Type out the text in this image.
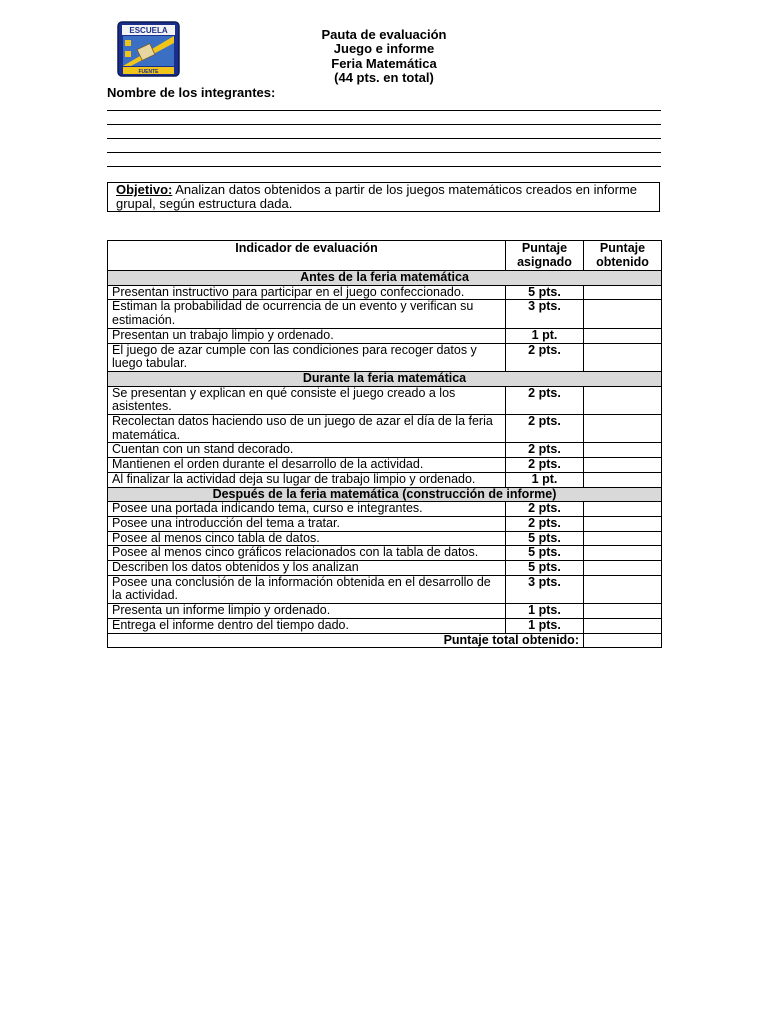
ESCUELA
FUENTE
Pauta de evaluación
Juego e informe
Feria Matemática
(44 pts. en total)
Nombre de los integrantes:
Objetivo: Analizan datos obtenidos a partir de los juegos matemáticos creados en informe grupal, según estructura dada.
Indicador de evaluación	Puntaje asignado	Puntaje obtenido
Antes de la feria matemática		
Presentan instructivo para participar en el juego confeccionado.	5 pts.	
Estiman la probabilidad de ocurrencia de un evento y verifican su estimación.	3 pts.	
Presentan un trabajo limpio y ordenado.	1 pt.	
El juego de azar cumple con las condiciones para recoger datos y luego tabular.	2 pts.	
Durante la feria matemática		
Se presentan y explican en qué consiste el juego creado a los asistentes.	2 pts.	
Recolectan datos haciendo uso de un juego de azar el día de la feria matemática.	2 pts.	
Cuentan con un stand decorado.	2 pts.	
Mantienen el orden durante el desarrollo de la actividad.	2 pts.	
Al finalizar la actividad deja su lugar de trabajo limpio y ordenado.	1 pt.	
Después de la feria matemática (construcción de informe)		
Posee una portada indicando tema, curso e integrantes.	2 pts.	
Posee una introducción del tema a tratar.	2 pts.	
Posee al menos cinco tabla de datos.	5 pts.	
Posee al menos cinco gráficos relacionados con la tabla de datos.	5 pts.	
Describen los datos obtenidos y los analizan	5 pts.	
Posee una conclusión de la información obtenida en el desarrollo de la actividad.	3 pts.	
Presenta un informe limpio y ordenado.	1 pts.	
Entrega el informe dentro del tiempo dado.	1 pts.	
Puntaje total obtenido:		
